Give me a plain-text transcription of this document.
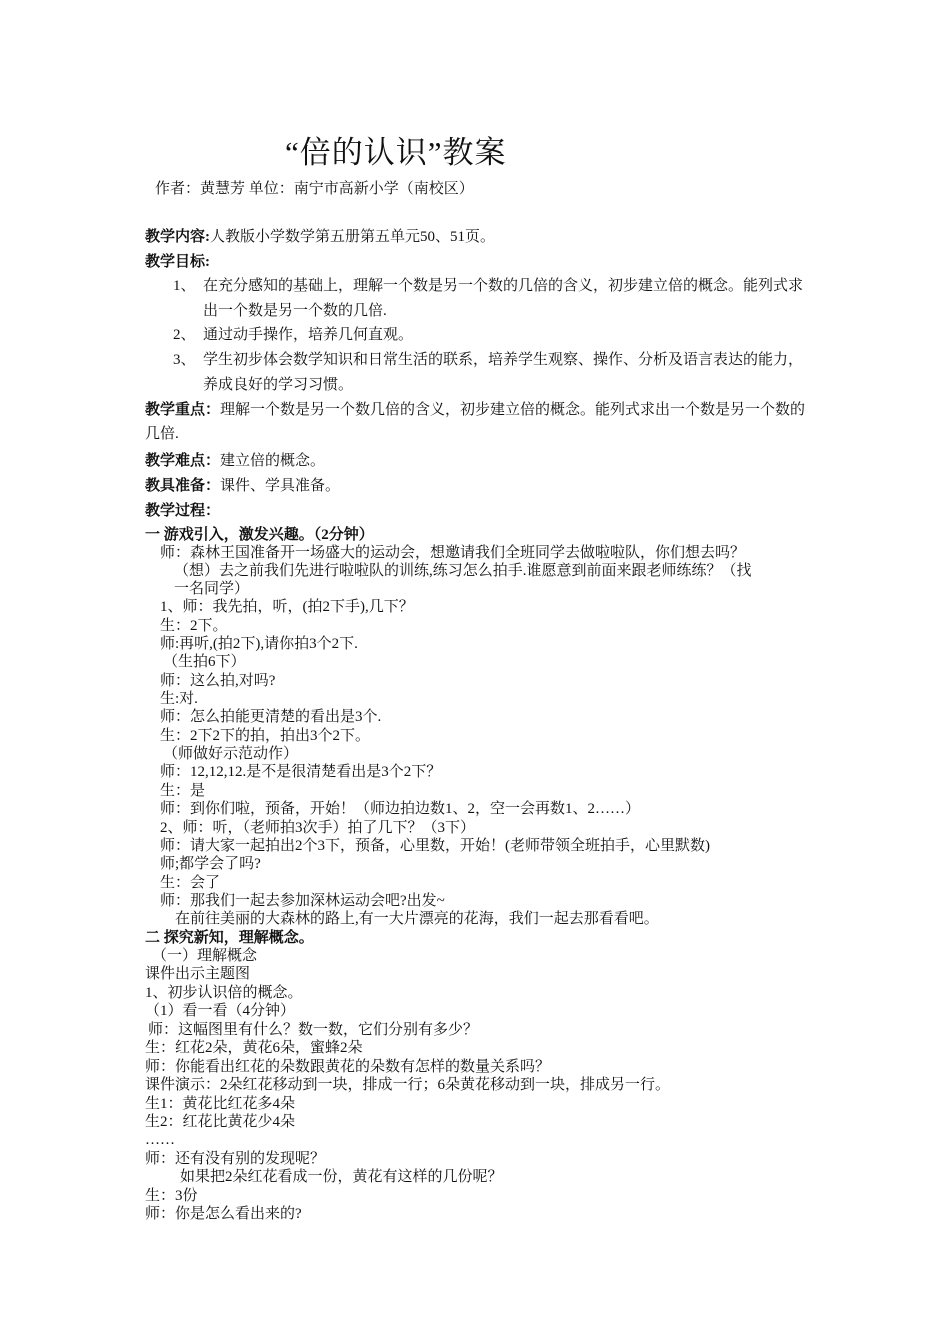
“倍的认识”教案
作者：黄慧芳 单位：南宁市高新小学（南校区）
教学内容:人教版小学数学第五册第五单元50、51页。
教学目标:
1、 在充分感知的基础上，理解一个数是另一个数的几倍的含义，初步建立倍的概念。能列式求出一个数是另一个数的几倍.
2、 通过动手操作，培养几何直观。
3、 学生初步体会数学知识和日常生活的联系，培养学生观察、操作、分析及语言表达的能力，养成良好的学习习惯。
教学重点：理解一个数是另一个数几倍的含义，初步建立倍的概念。能列式求出一个数是另一个数的几倍.
教学难点：建立倍的概念。
教具准备：课件、学具准备。
教学过程：
一 游戏引入，激发兴趣。（2分钟）
师：森林王国准备开一场盛大的运动会，想邀请我们全班同学去做啦啦队，你们想去吗？
（想）去之前我们先进行啦啦队的训练,练习怎么拍手.谁愿意到前面来跟老师练练？（找
一名同学）
1、师：我先拍，听，(拍2下手),几下？
生：2下。
师:再听,(拍2下),请你拍3个2下.
（生拍6下）
师：这么拍,对吗?
生:对.
师：怎么拍能更清楚的看出是3个.
生：2下2下的拍，拍出3个2下。
（师做好示范动作）
师：12,12,12.是不是很清楚看出是3个2下？
生：是
师：到你们啦，预备，开始！（师边拍边数1、2，空一会再数1、2……）
2、师：听，（老师拍3次手）拍了几下？（3下）
师：请大家一起拍出2个3下，预备，心里数，开始！(老师带领全班拍手，心里默数)
师;都学会了吗?
生：会了
师：那我们一起去参加深林运动会吧?出发~
在前往美丽的大森林的路上,有一大片漂亮的花海，我们一起去那看看吧。
二 探究新知，理解概念。
（一）理解概念
课件出示主题图
1、初步认识倍的概念。
（1）看一看（4分钟）
师：这幅图里有什么？数一数，它们分别有多少？
生：红花2朵，黄花6朵，蜜蜂2朵
师：你能看出红花的朵数跟黄花的朵数有怎样的数量关系吗？
课件演示：2朵红花移动到一块，排成一行；6朵黄花移动到一块，排成另一行。
生1：黄花比红花多4朵
生2：红花比黄花少4朵
……
师：还有没有别的发现呢？
如果把2朵红花看成一份，黄花有这样的几份呢？
生：3份
师：你是怎么看出来的?
